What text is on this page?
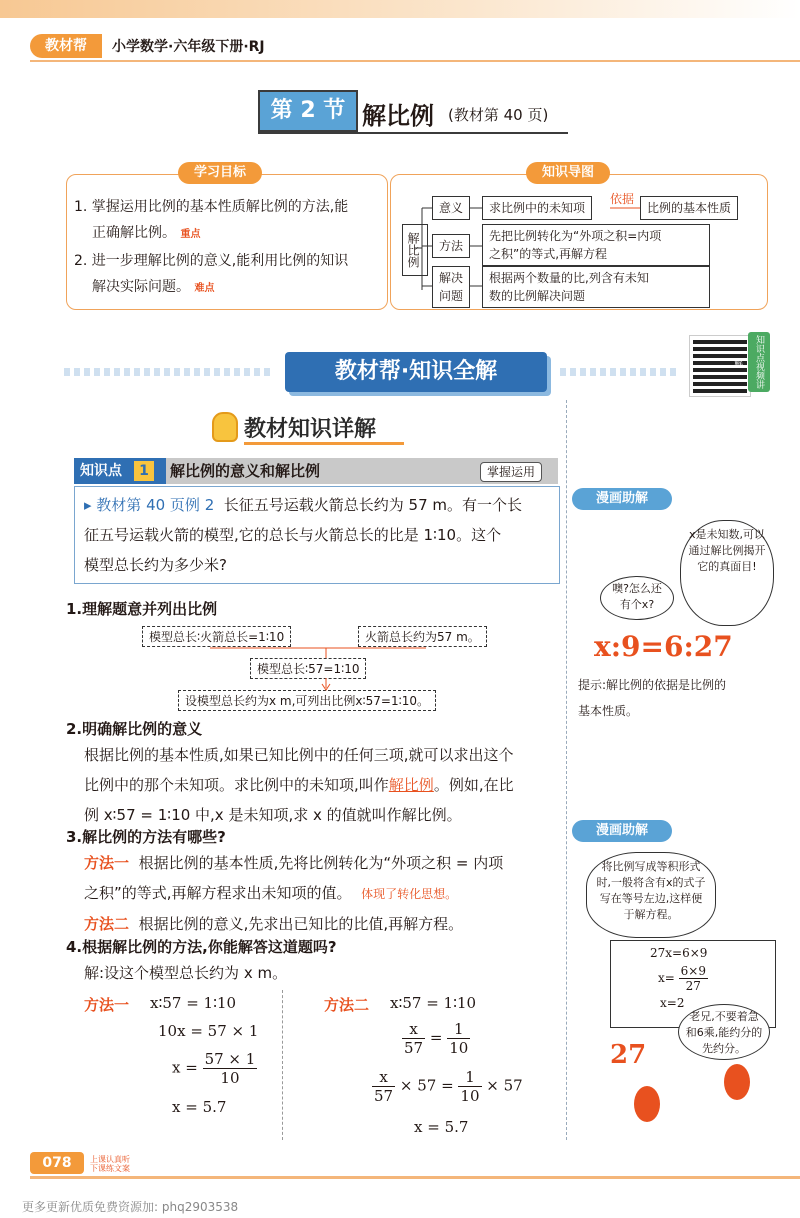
教材帮	小学数学·六年级下册·RJ
第 2 节 解比例 (教材第 40 页)
学习目标
1. 掌握运用比例的基本性质解比例的方法,能
正确解比例。 重点
2. 进一步理解比例的意义,能利用比例的知识
解决实际问题。 难点
知识导图
解比例
意义	求比例中的未知项
依据
比例的基本性质
方法
先把比例转化为“外项之积=内项
之积”的等式,再解方程
解决
问题
根据两个数量的比,列含有未知
数的比例解决问题
教材帮·知识全解	知识点视频讲解
教材知识详解
知识点	1	解比例的意义和解比例	掌握运用
▸ 教材第 40 页例 2 长征五号运载火箭总长约为 57 m。有一个长
征五号运载火箭的模型,它的总长与火箭总长的比是 1∶10。这个
模型总长约为多少米?
1.理解题意并列出比例
模型总长∶火箭总长=1∶10	火箭总长约为57 m。
模型总长∶57=1∶10
设模型总长约为x m,可列出比例x∶57=1∶10。
2.明确解比例的意义
根据比例的基本性质,如果已知比例中的任何三项,就可以求出这个
比例中的那个未知项。求比例中的未知项,叫作解比例。例如,在比
例 x∶57 = 1∶10 中,x 是未知项,求 x 的值就叫作解比例。
3.解比例的方法有哪些?
方法一 根据比例的基本性质,先将比例转化为“外项之积 = 内项
之积”的等式,再解方程求出未知项的值。 体现了转化思想。
方法二 根据比例的意义,先求出已知比的比值,再解方程。
4.根据解比例的方法,你能解答这道题吗?
解:设这个模型总长约为 x m。
方法一 x∶57 = 1∶10
10x = 57 × 1
$x = \frac{57 \times 1}{10}$
x = 5.7
方法二 x∶57 = 1∶10
$\frac{x}{57} = \frac{1}{10}$
$\frac{x}{57} \times 57 = \frac{1}{10} \times 57$
x = 5.7
漫画助解
x是未知数,可以通过解比例揭开它的真面目!
噢?怎么还有个x?
x:9=6:27
提示:解比例的依据是比例的
基本性质。
漫画助解
将比例写成等积形式时,一般将含有x的式子写在等号左边,这样便于解方程。
27x=6×9
$x= \frac{6\times 9}{27}$
x=2
老兄,不要着急和6乘,能约分的先约分。
27
078	上课认真听
下课练文案
更多更新优质免费资源加: phq2903538
